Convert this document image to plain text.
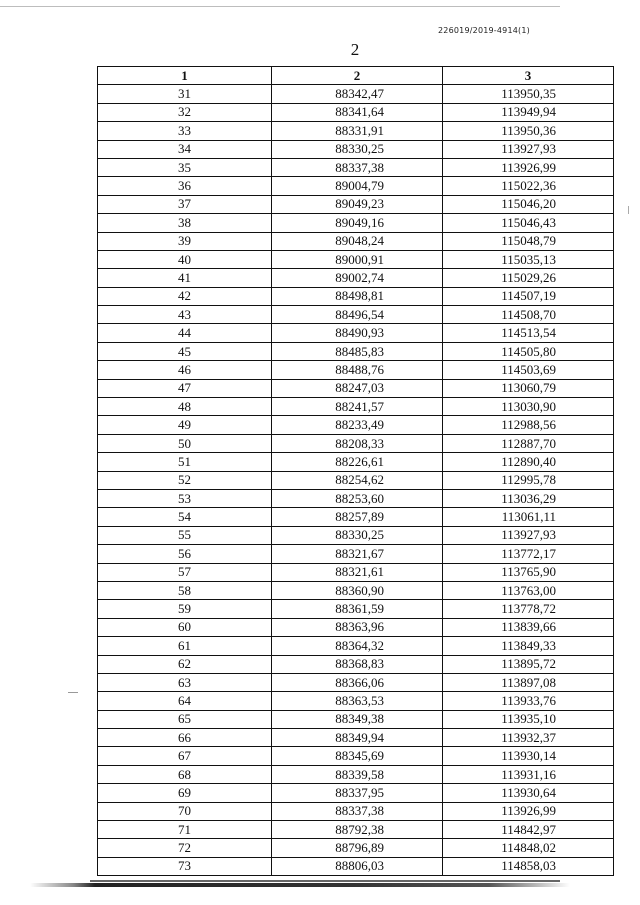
226019/2019-4914(1)
2
1	2	3
31	88342,47	113950,35
32	88341,64	113949,94
33	88331,91	113950,36
34	88330,25	113927,93
35	88337,38	113926,99
36	89004,79	115022,36
37	89049,23	115046,20
38	89049,16	115046,43
39	89048,24	115048,79
40	89000,91	115035,13
41	89002,74	115029,26
42	88498,81	114507,19
43	88496,54	114508,70
44	88490,93	114513,54
45	88485,83	114505,80
46	88488,76	114503,69
47	88247,03	113060,79
48	88241,57	113030,90
49	88233,49	112988,56
50	88208,33	112887,70
51	88226,61	112890,40
52	88254,62	112995,78
53	88253,60	113036,29
54	88257,89	113061,11
55	88330,25	113927,93
56	88321,67	113772,17
57	88321,61	113765,90
58	88360,90	113763,00
59	88361,59	113778,72
60	88363,96	113839,66
61	88364,32	113849,33
62	88368,83	113895,72
63	88366,06	113897,08
64	88363,53	113933,76
65	88349,38	113935,10
66	88349,94	113932,37
67	88345,69	113930,14
68	88339,58	113931,16
69	88337,95	113930,64
70	88337,38	113926,99
71	88792,38	114842,97
72	88796,89	114848,02
73	88806,03	114858,03
